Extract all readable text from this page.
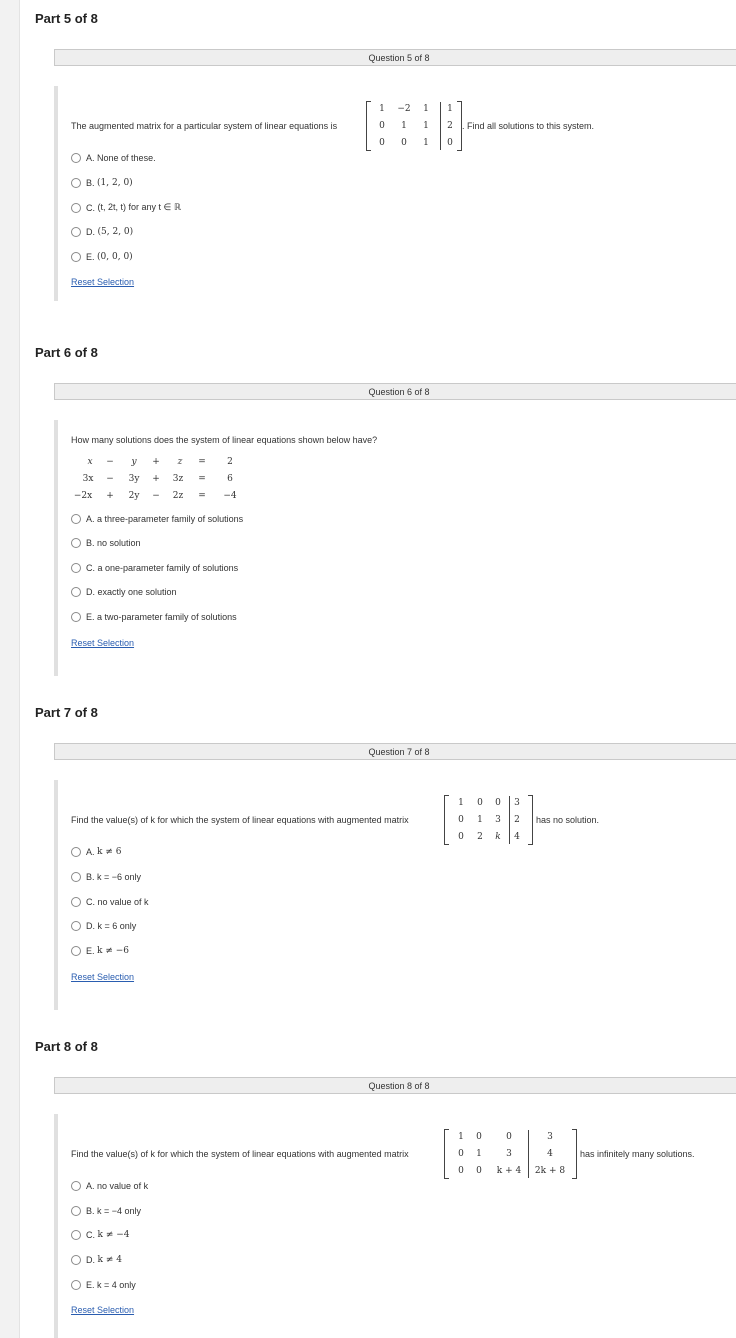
Part 5 of 8
Question 5 of 8
The augmented matrix for a particular system of linear equations is
1	−2	1	1
0	1	1	2
0	0	1	0
. Find all solutions to this system.
A.
None of these.
B.
(1, 2, 0)
C.
(t, 2t, t) for any t ∈ ℝ
D.
(5, 2, 0)
E.
(0, 0, 0)
Reset Selection
Part 6 of 8
Question 6 of 8
How many solutions does the system of linear equations shown below have?
x	−	y	+	z	=	2
3x	−	3y	+	3z	=	6
−2x	+	2y	−	2z	=	−4
A.
a three-parameter family of solutions
B.
no solution
C.
a one-parameter family of solutions
D.
exactly one solution
E.
a two-parameter family of solutions
Reset Selection
Part 7 of 8
Question 7 of 8
Find the value(s) of k for which the system of linear equations with augmented matrix
1	0	0	3
0	1	3	2
0	2	k	4
has no solution.
A.
k ≠ 6
B.
k = −6 only
C.
no value of k
D.
k = 6 only
E.
k ≠ −6
Reset Selection
Part 8 of 8
Question 8 of 8
Find the value(s) of k for which the system of linear equations with augmented matrix
1	0	0	3
0	1	3	4
0	0	k + 4	2k + 8
has infinitely many solutions.
A.
no value of k
B.
k = −4 only
C.
k ≠ −4
D.
k ≠ 4
E.
k = 4 only
Reset Selection
